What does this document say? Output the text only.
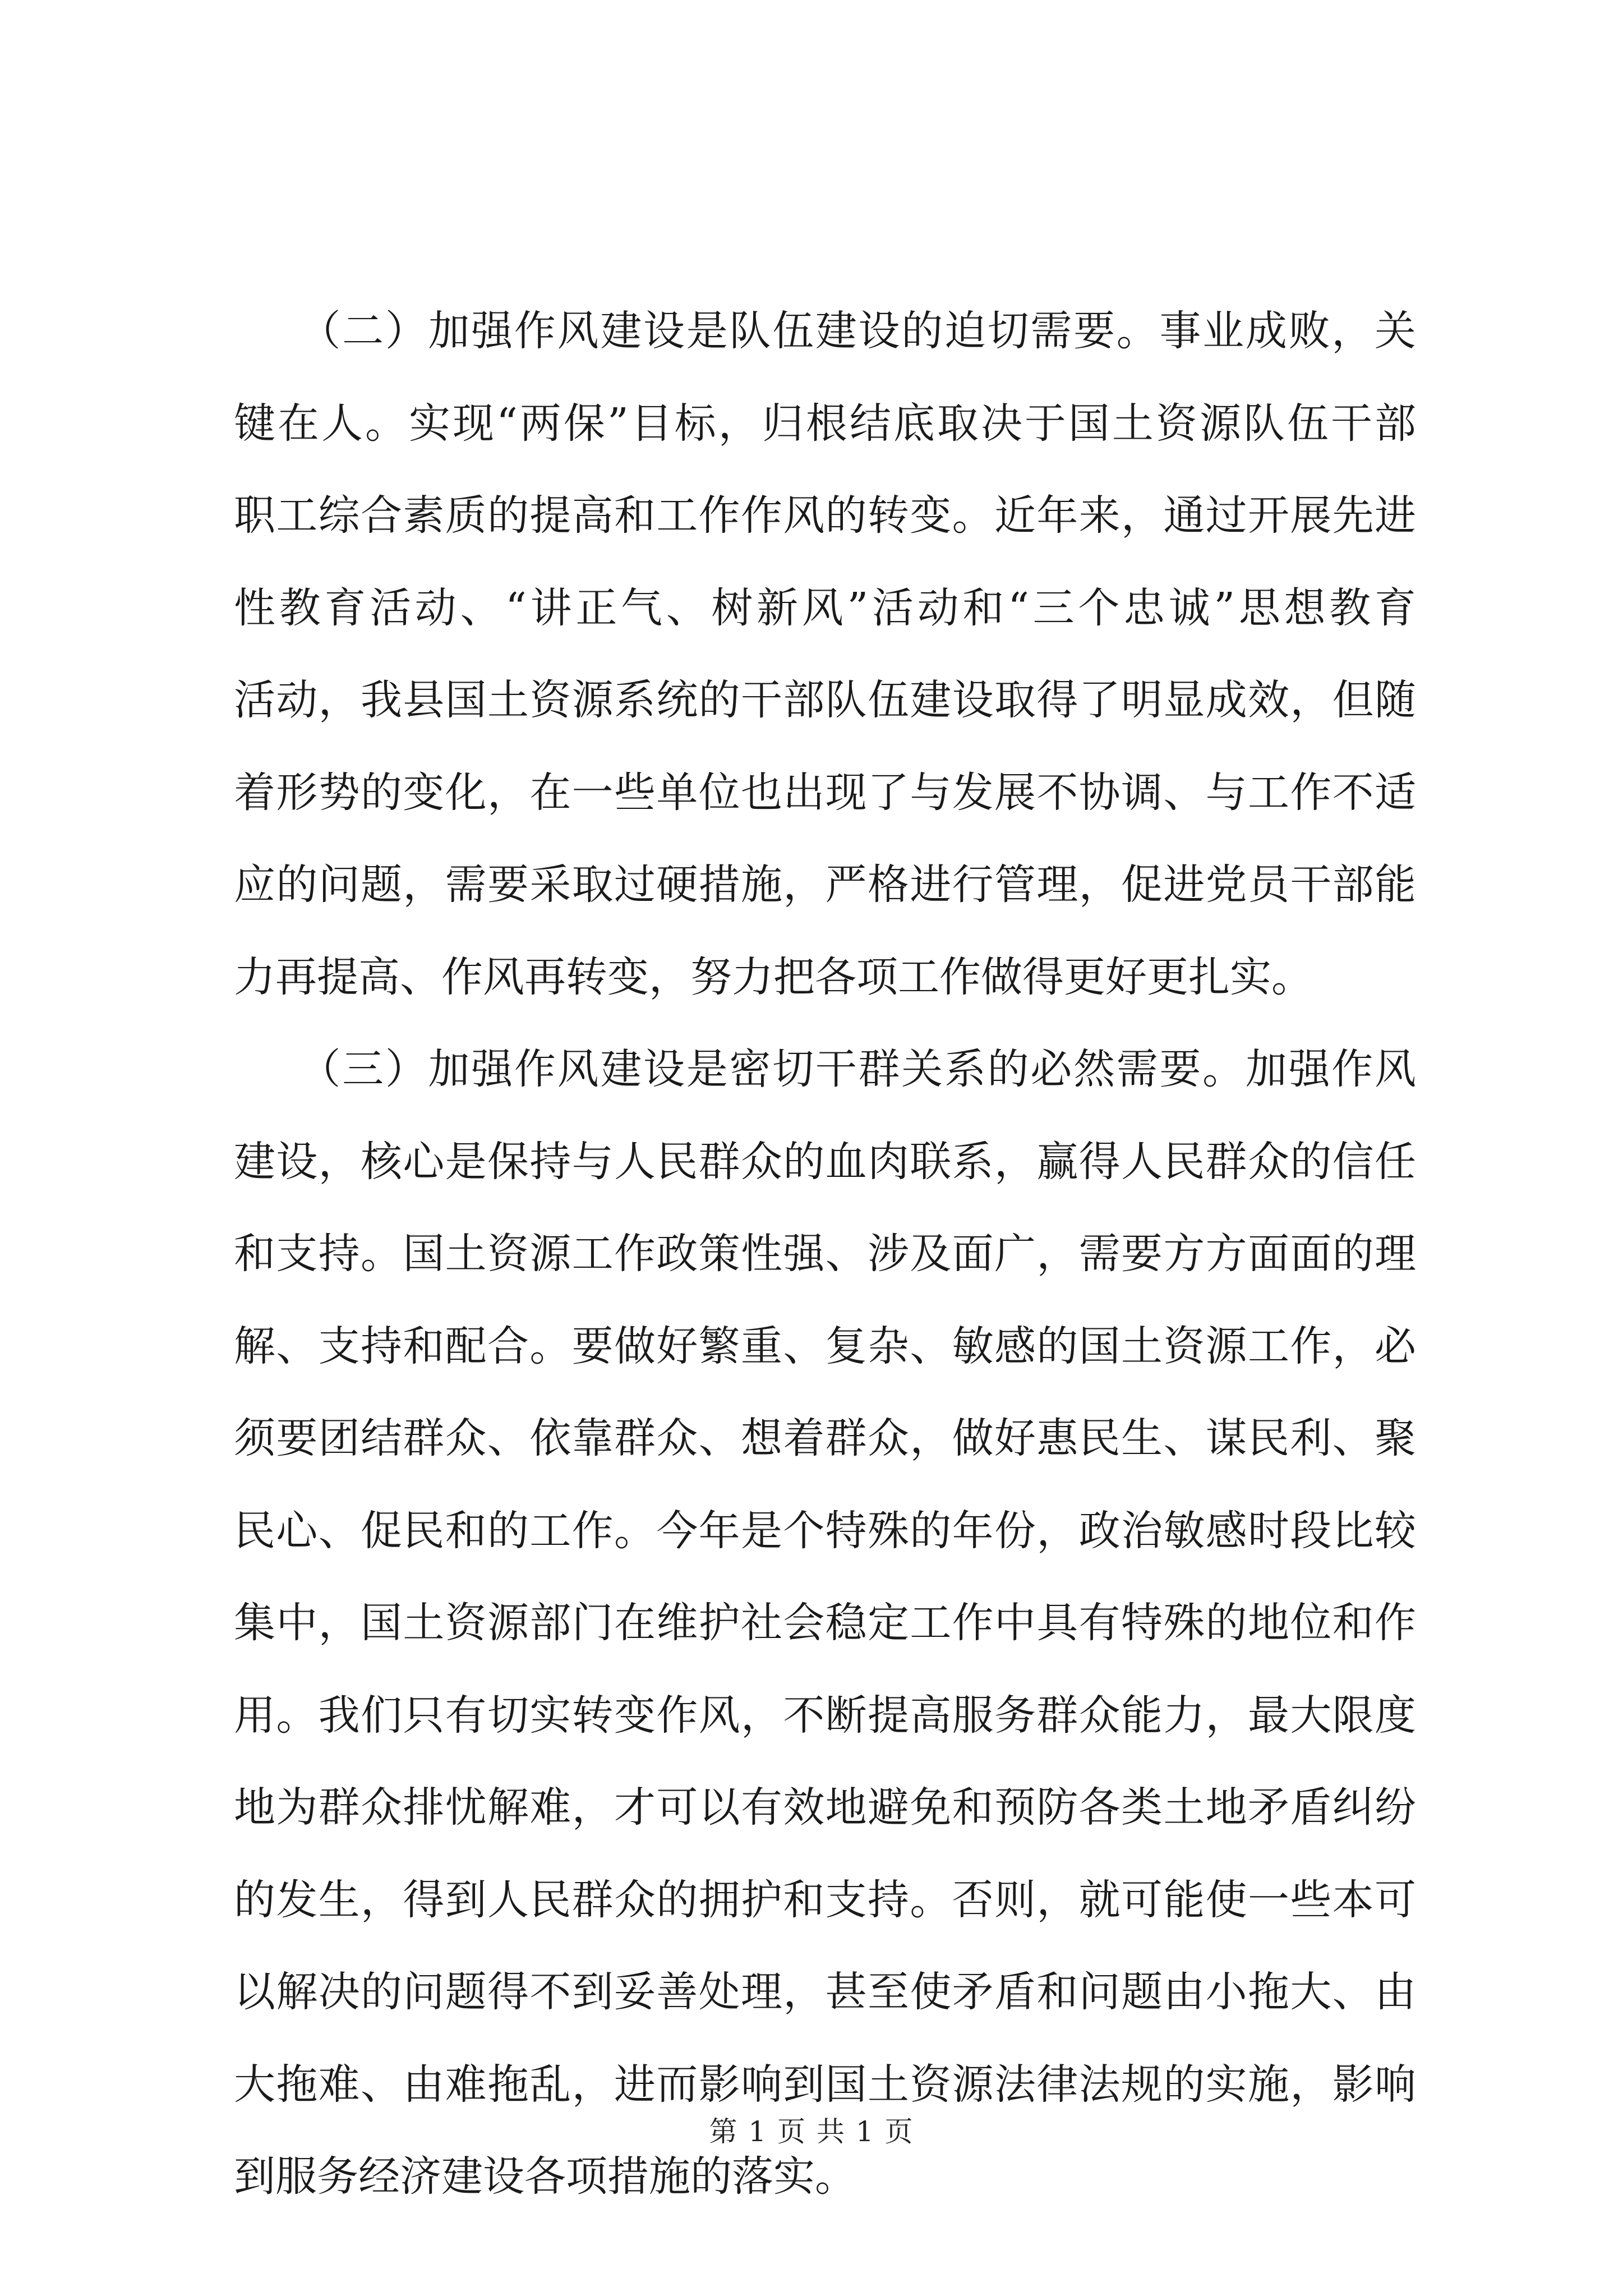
　　（二）加强作风建设是队伍建设的迫切需要。事业成败，关
键在人。实现“两保”目标，归根结底取决于国土资源队伍干部
职工综合素质的提高和工作作风的转变。近年来，通过开展先进
性教育活动、“讲正气、树新风”活动和“三个忠诚”思想教育
活动，我县国土资源系统的干部队伍建设取得了明显成效，但随
着形势的变化，在一些单位也出现了与发展不协调、与工作不适
应的问题，需要采取过硬措施，严格进行管理，促进党员干部能
力再提高、作风再转变，努力把各项工作做得更好更扎实。
　　（三）加强作风建设是密切干群关系的必然需要。加强作风
建设，核心是保持与人民群众的血肉联系，赢得人民群众的信任
和支持。国土资源工作政策性强、涉及面广，需要方方面面的理
解、支持和配合。要做好繁重、复杂、敏感的国土资源工作，必
须要团结群众、依靠群众、想着群众，做好惠民生、谋民利、聚
民心、促民和的工作。今年是个特殊的年份，政治敏感时段比较
集中，国土资源部门在维护社会稳定工作中具有特殊的地位和作
用。我们只有切实转变作风，不断提高服务群众能力，最大限度
地为群众排忧解难，才可以有效地避免和预防各类土地矛盾纠纷
的发生，得到人民群众的拥护和支持。否则，就可能使一些本可
以解决的问题得不到妥善处理，甚至使矛盾和问题由小拖大、由
大拖难、由难拖乱，进而影响到国土资源法律法规的实施，影响
到服务经济建设各项措施的落实。
第 1 页 共 1 页
